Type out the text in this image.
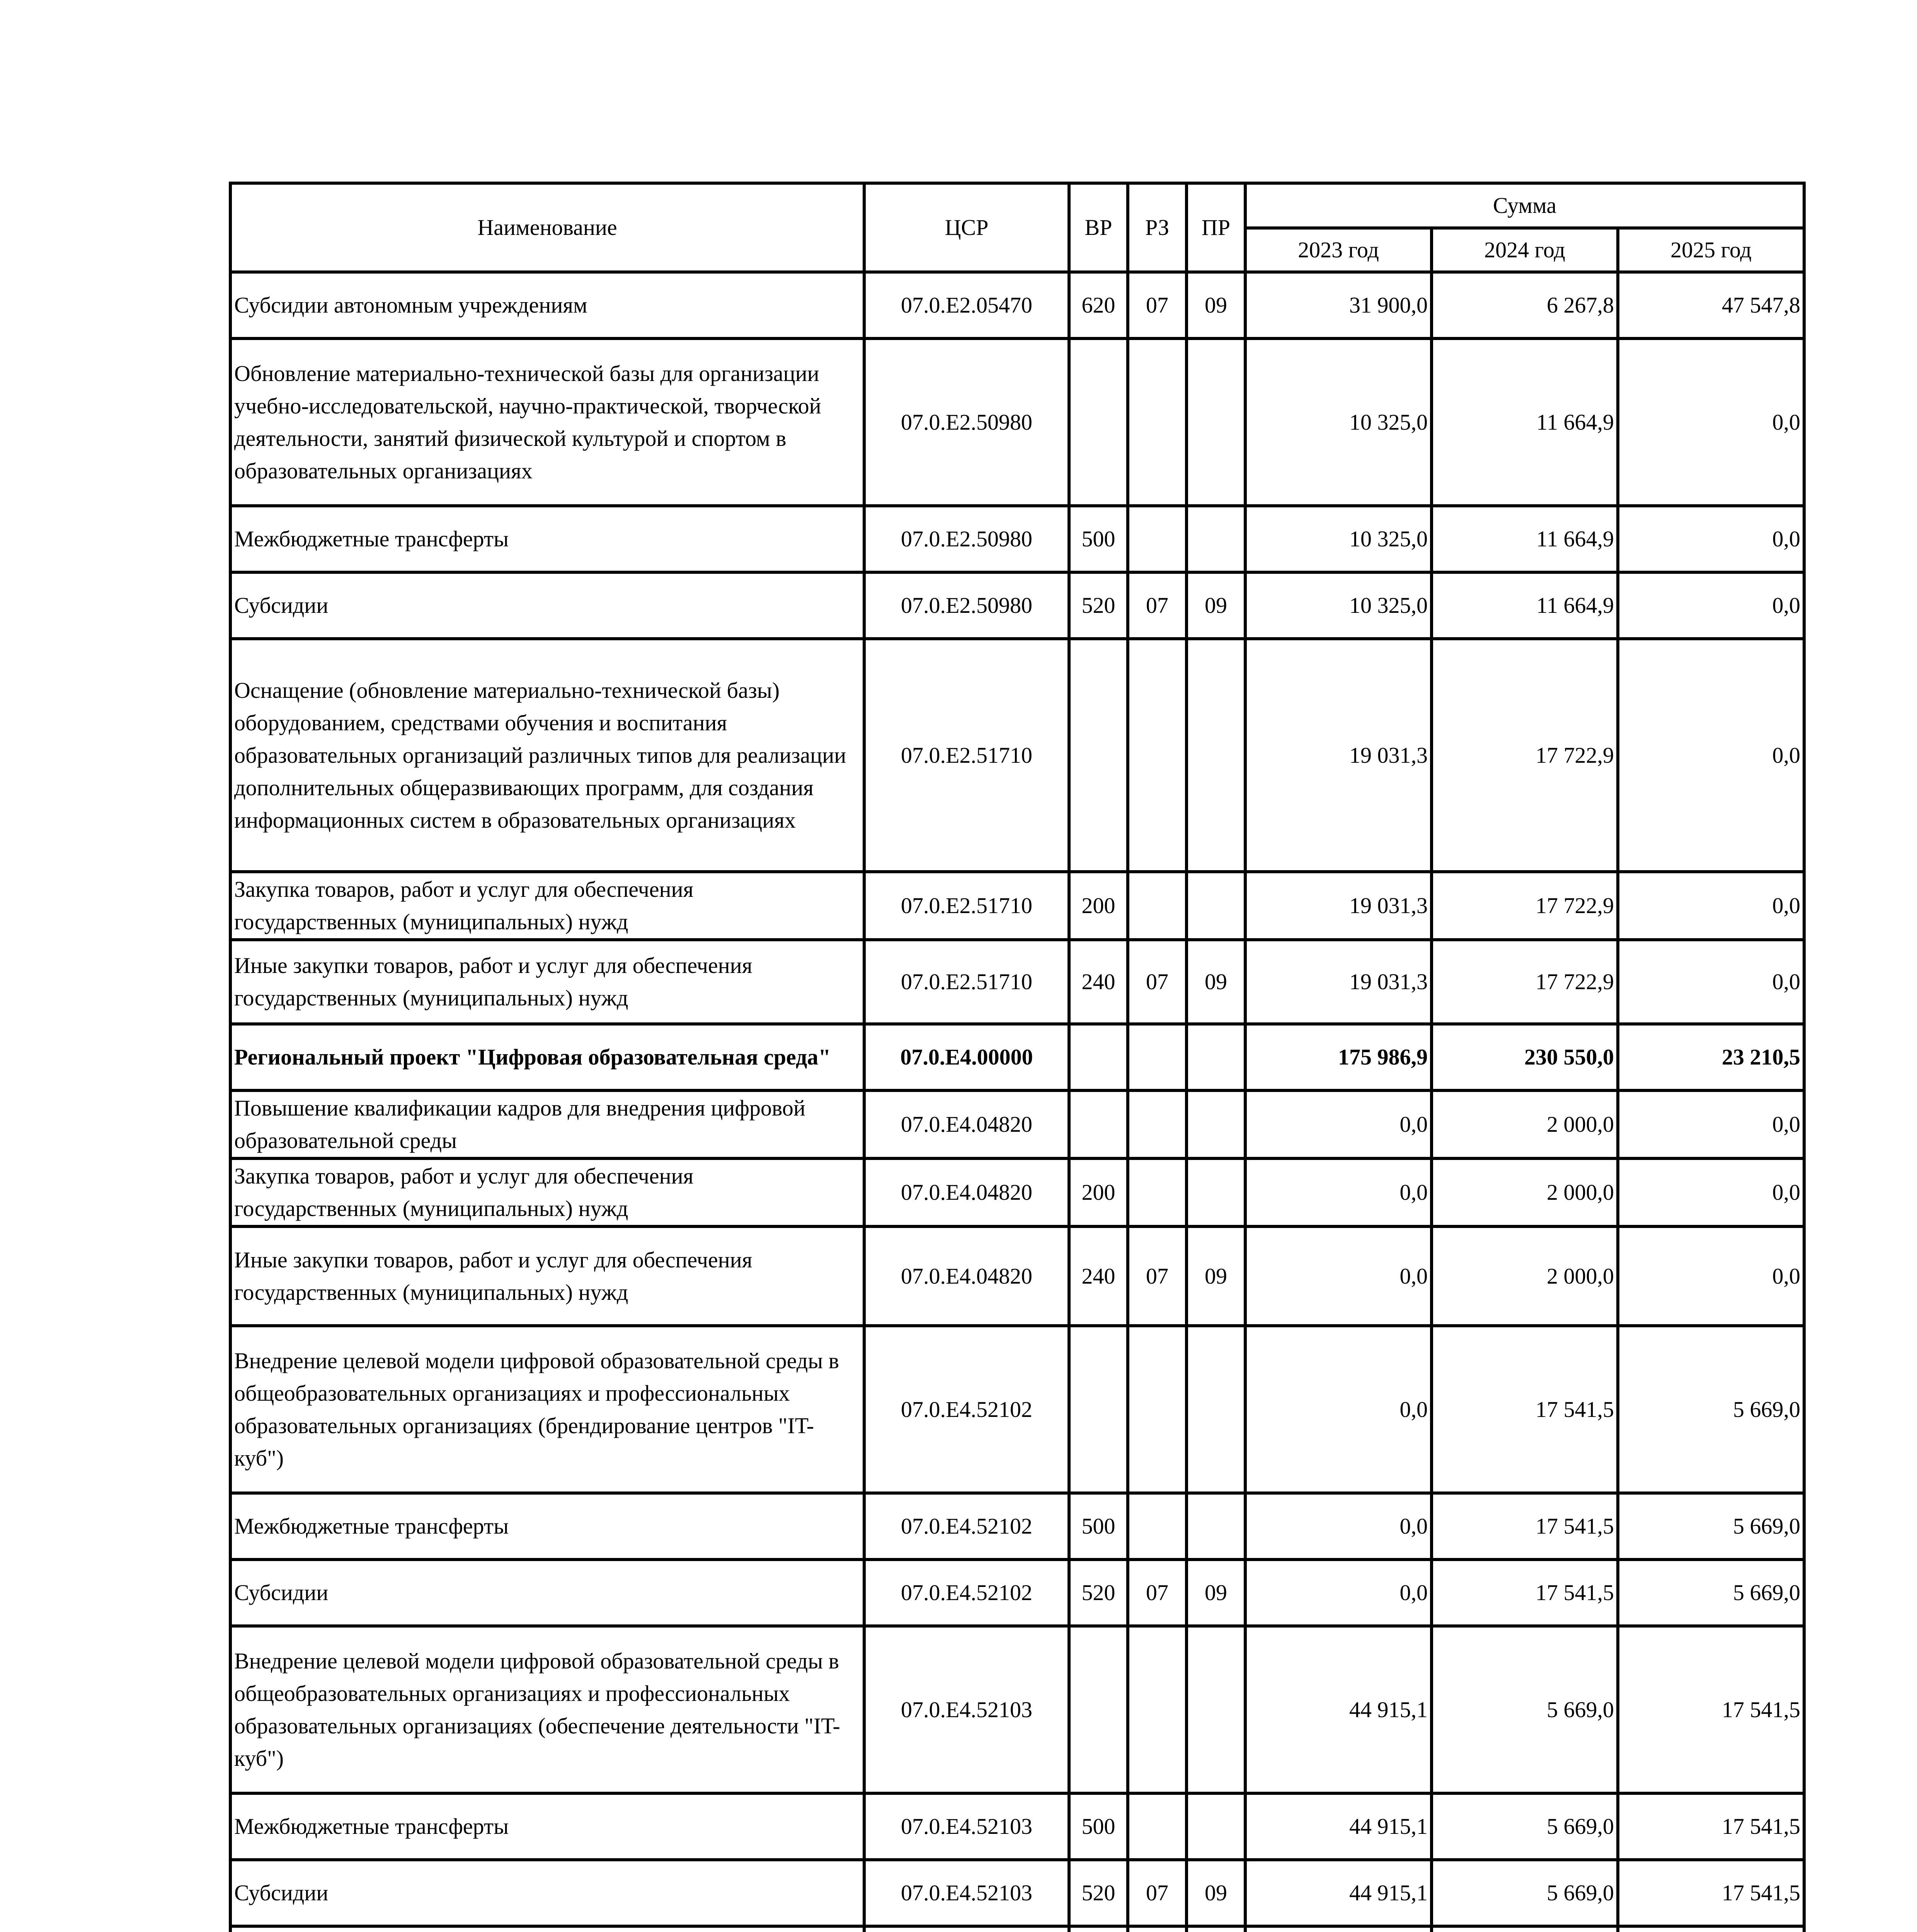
Наименование	ЦСР	ВР	РЗ	ПР	Сумма		
					2023 год	2024 год	2025 год
Субсидии автономным учреждениям	07.0.E2.05470	620	07	09	31 900,0	6 267,8	47 547,8
Обновление материально-технической базы для организации учебно-исследовательской, научно-практической, творческой деятельности, занятий физической культурой и спортом в образовательных организациях	07.0.E2.50980				10 325,0	11 664,9	0,0
Межбюджетные трансферты	07.0.E2.50980	500			10 325,0	11 664,9	0,0
Субсидии	07.0.E2.50980	520	07	09	10 325,0	11 664,9	0,0
Оснащение (обновление материально-технической базы) оборудованием, средствами обучения и воспитания образовательных организаций различных типов для реализации дополнительных общеразвивающих программ, для создания информационных систем в образовательных организациях	07.0.E2.51710				19 031,3	17 722,9	0,0
Закупка товаров, работ и услуг для обеспечения государственных (муниципальных) нужд	07.0.E2.51710	200			19 031,3	17 722,9	0,0
Иные закупки товаров, работ и услуг для обеспечения государственных (муниципальных) нужд	07.0.E2.51710	240	07	09	19 031,3	17 722,9	0,0
Региональный проект "Цифровая образовательная среда"	07.0.E4.00000				175 986,9	230 550,0	23 210,5
Повышение квалификации кадров для внедрения цифровой образовательной среды	07.0.E4.04820				0,0	2 000,0	0,0
Закупка товаров, работ и услуг для обеспечения государственных (муниципальных) нужд	07.0.E4.04820	200			0,0	2 000,0	0,0
Иные закупки товаров, работ и услуг для обеспечения государственных (муниципальных) нужд	07.0.E4.04820	240	07	09	0,0	2 000,0	0,0
Внедрение целевой модели цифровой образовательной среды в общеобразовательных организациях и профессиональных образовательных организациях (брендирование центров "IT-куб")	07.0.E4.52102				0,0	17 541,5	5 669,0
Межбюджетные трансферты	07.0.E4.52102	500			0,0	17 541,5	5 669,0
Субсидии	07.0.E4.52102	520	07	09	0,0	17 541,5	5 669,0
Внедрение целевой модели цифровой образовательной среды в общеобразовательных организациях и профессиональных образовательных организациях (обеспечение деятельности "IT-куб")	07.0.E4.52103				44 915,1	5 669,0	17 541,5
Межбюджетные трансферты	07.0.E4.52103	500			44 915,1	5 669,0	17 541,5
Субсидии	07.0.E4.52103	520	07	09	44 915,1	5 669,0	17 541,5
